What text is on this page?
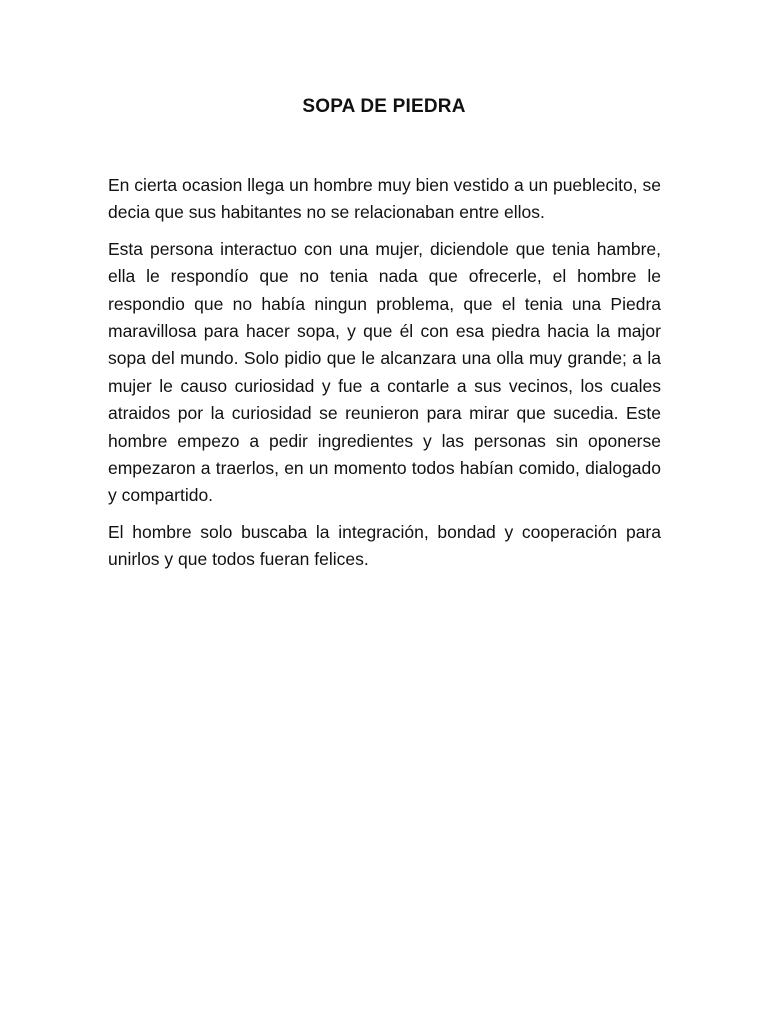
SOPA DE PIEDRA

En cierta ocasion llega un hombre muy bien vestido a un pueblecito, se decia que sus habitantes no se relacionaban entre ellos.

Esta persona interactuo con una mujer, diciendole que tenia hambre, ella le respondío que no tenia nada que ofrecerle, el hombre le respondio que no había ningun problema, que el tenia una Piedra maravillosa para hacer sopa, y que él con esa piedra hacia la major sopa del mundo. Solo pidio que le alcanzara una olla muy grande; a la mujer le causo curiosidad y fue a contarle a sus vecinos, los cuales atraidos por la curiosidad se reunieron para mirar que sucedia. Este hombre empezo a pedir ingredientes y las personas sin oponerse empezaron a traerlos, en un momento todos habían comido, dialogado y compartido.

El hombre solo buscaba la integración, bondad y cooperación para unirlos y que todos fueran felices.
